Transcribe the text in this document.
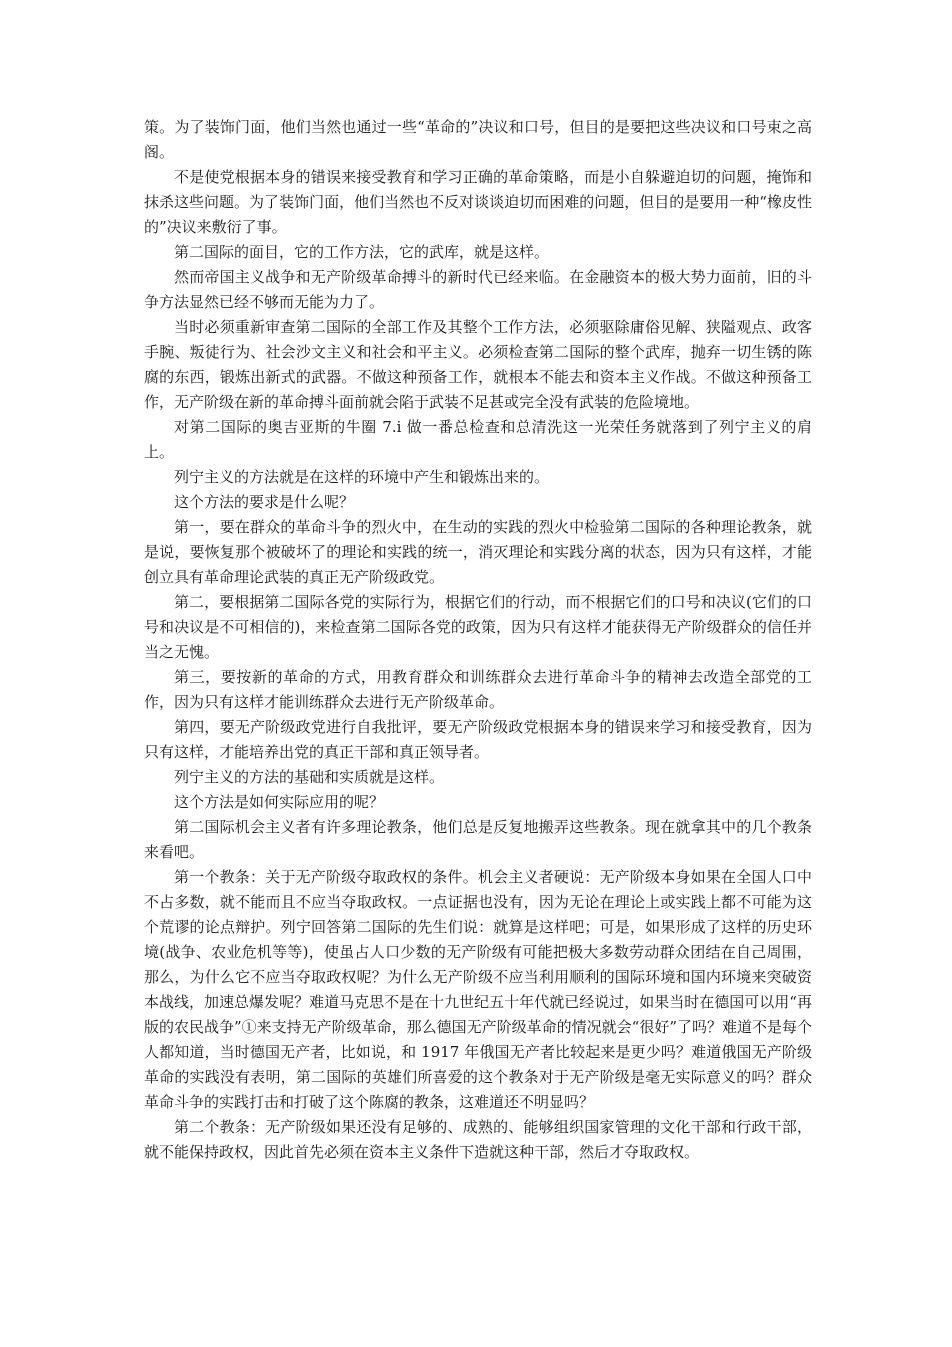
策。为了装饰门面，他们当然也通过一些“革命的”决议和口号，但目的是要把这些决议和口号束之高阁。

不是使党根据本身的错误来接受教育和学习正确的革命策略，而是小自躲避迫切的问题，掩饰和抹杀这些问题。为了装饰门面，他们当然也不反对谈谈迫切而困难的问题，但目的是要用一种“橡皮性的”决议来敷衍了事。

第二国际的面目，它的工作方法，它的武库，就是这样。

然而帝国主义战争和无产阶级革命搏斗的新时代已经来临。在金融资本的极大势力面前，旧的斗争方法显然已经不够而无能为力了。

当时必须重新审查第二国际的全部工作及其整个工作方法，必须驱除庸俗见解、狭隘观点、政客手腕、叛徒行为、社会沙文主义和社会和平主义。必须检查第二国际的整个武库，抛弃一切生锈的陈腐的东西，锻炼出新式的武器。不做这种预备工作，就根本不能去和资本主义作战。不做这种预备工作，无产阶级在新的革命搏斗面前就会陷于武装不足甚或完全没有武装的危险境地。

对第二国际的奥吉亚斯的牛圈 7.i 做一番总检查和总清洗这一光荣任务就落到了列宁主义的肩上。

列宁主义的方法就是在这样的环境中产生和锻炼出来的。

这个方法的要求是什么呢？

第一，要在群众的革命斗争的烈火中，在生动的实践的烈火中检验第二国际的各种理论教条，就是说，要恢复那个被破坏了的理论和实践的统一，消灭理论和实践分离的状态，因为只有这样，才能创立具有革命理论武装的真正无产阶级政党。

第二，要根据第二国际各党的实际行为，根据它们的行动，而不根据它们的口号和决议(它们的口号和决议是不可相信的)，来检查第二国际各党的政策，因为只有这样才能获得无产阶级群众的信任并当之无愧。

第三，要按新的革命的方式，用教育群众和训练群众去进行革命斗争的精神去改造全部党的工作，因为只有这样才能训练群众去进行无产阶级革命。

第四，要无产阶级政党进行自我批评，要无产阶级政党根据本身的错误来学习和接受教育，因为只有这样，才能培养出党的真正干部和真正领导者。

列宁主义的方法的基础和实质就是这样。

这个方法是如何实际应用的呢？

第二国际机会主义者有许多理论教条，他们总是反复地搬弄这些教条。现在就拿其中的几个教条来看吧。

第一个教条：关于无产阶级夺取政权的条件。机会主义者硬说：无产阶级本身如果在全国人口中不占多数，就不能而且不应当夺取政权。一点证据也没有，因为无论在理论上或实践上都不可能为这个荒谬的论点辩护。列宁回答第二国际的先生们说：就算是这样吧；可是，如果形成了这样的历史环境(战争、农业危机等等)，使虽占人口少数的无产阶级有可能把极大多数劳动群众团结在自己周围，那么，为什么它不应当夺取政权呢？为什么无产阶级不应当利用顺利的国际环境和国内环境来突破资本战线，加速总爆发呢？难道马克思不是在十九世纪五十年代就已经说过，如果当时在德国可以用“再版的农民战争”①来支持无产阶级革命，那么德国无产阶级革命的情况就会“很好”了吗？难道不是每个人都知道，当时德国无产者，比如说，和 1917 年俄国无产者比较起来是更少吗？难道俄国无产阶级革命的实践没有表明，第二国际的英雄们所喜爱的这个教条对于无产阶级是毫无实际意义的吗？群众革命斗争的实践打击和打破了这个陈腐的教条，这难道还不明显吗？

第二个教条：无产阶级如果还没有足够的、成熟的、能够组织国家管理的文化干部和行政干部，就不能保持政权，因此首先必须在资本主义条件下造就这种干部，然后才夺取政权。
